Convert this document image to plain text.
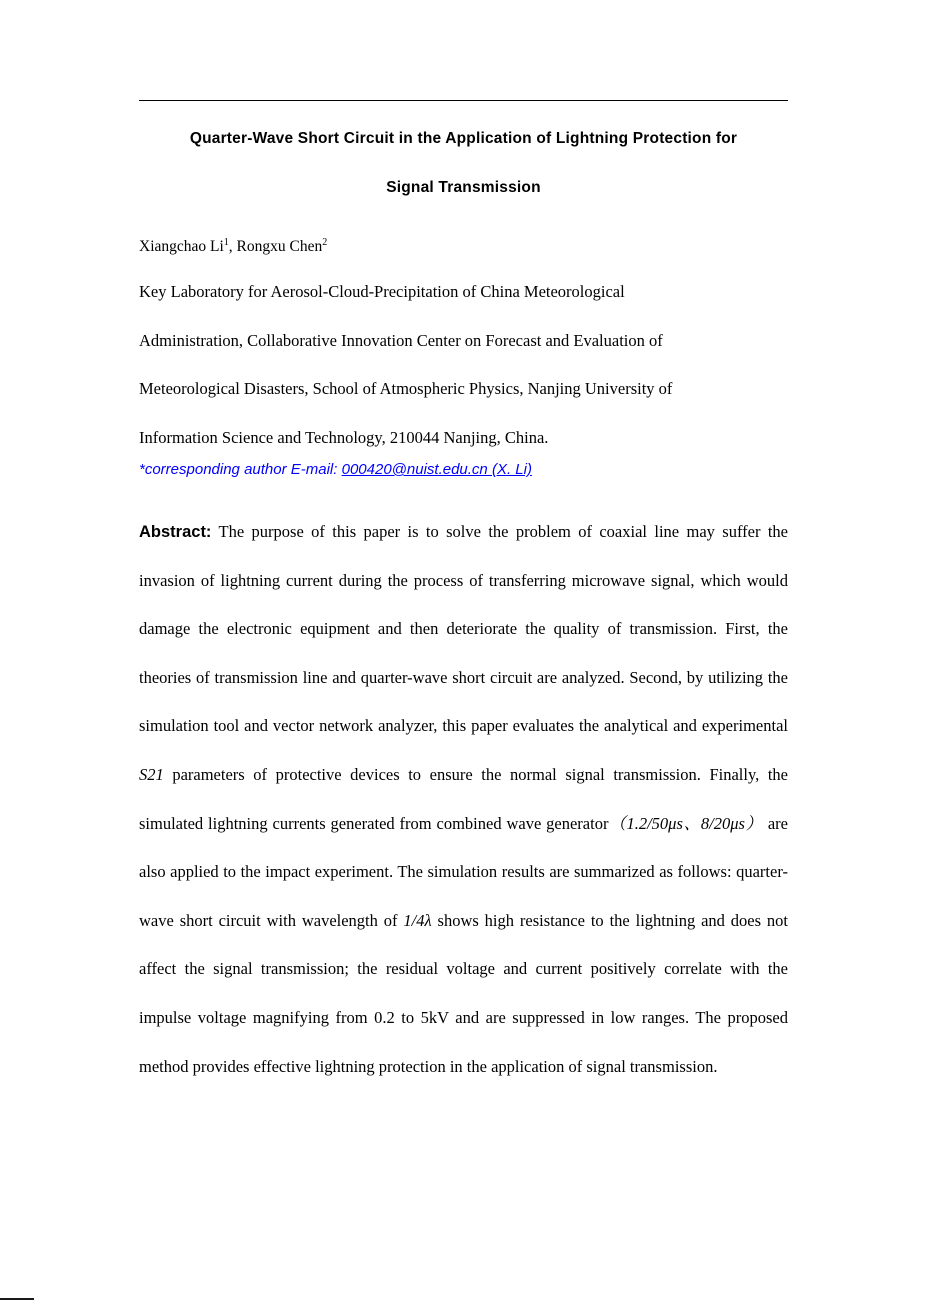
Quarter-Wave Short Circuit in the Application of Lightning Protection for
Signal Transmission
Xiangchao Li$^1$, Rongxu Chen$^2$
Key Laboratory for Aerosol-Cloud-Precipitation of China Meteorological
Administration, Collaborative Innovation Center on Forecast and Evaluation of
Meteorological Disasters, School of Atmospheric Physics, Nanjing University of
Information Science and Technology, 210044 Nanjing, China.
*corresponding author E-mail: 000420@nuist.edu.cn (X. Li)
Abstract: The purpose of this paper is to solve the problem of coaxial line may suffer the invasion of lightning current during the process of transferring microwave signal, which would damage the electronic equipment and then deteriorate the quality of transmission. First, the theories of transmission line and quarter-wave short circuit are analyzed. Second, by utilizing the simulation tool and vector network analyzer, this paper evaluates the analytical and experimental S21 parameters of protective devices to ensure the normal signal transmission. Finally, the simulated lightning currents generated from combined wave generator（1.2/50μs、8/20μs） are also applied to the impact experiment. The simulation results are summarized as follows: quarter-wave short circuit with wavelength of 1/4λ shows high resistance to the lightning and does not affect the signal transmission; the residual voltage and current positively correlate with the impulse voltage magnifying from 0.2 to 5kV and are suppressed in low ranges. The proposed method provides effective lightning protection in the application of signal transmission.
